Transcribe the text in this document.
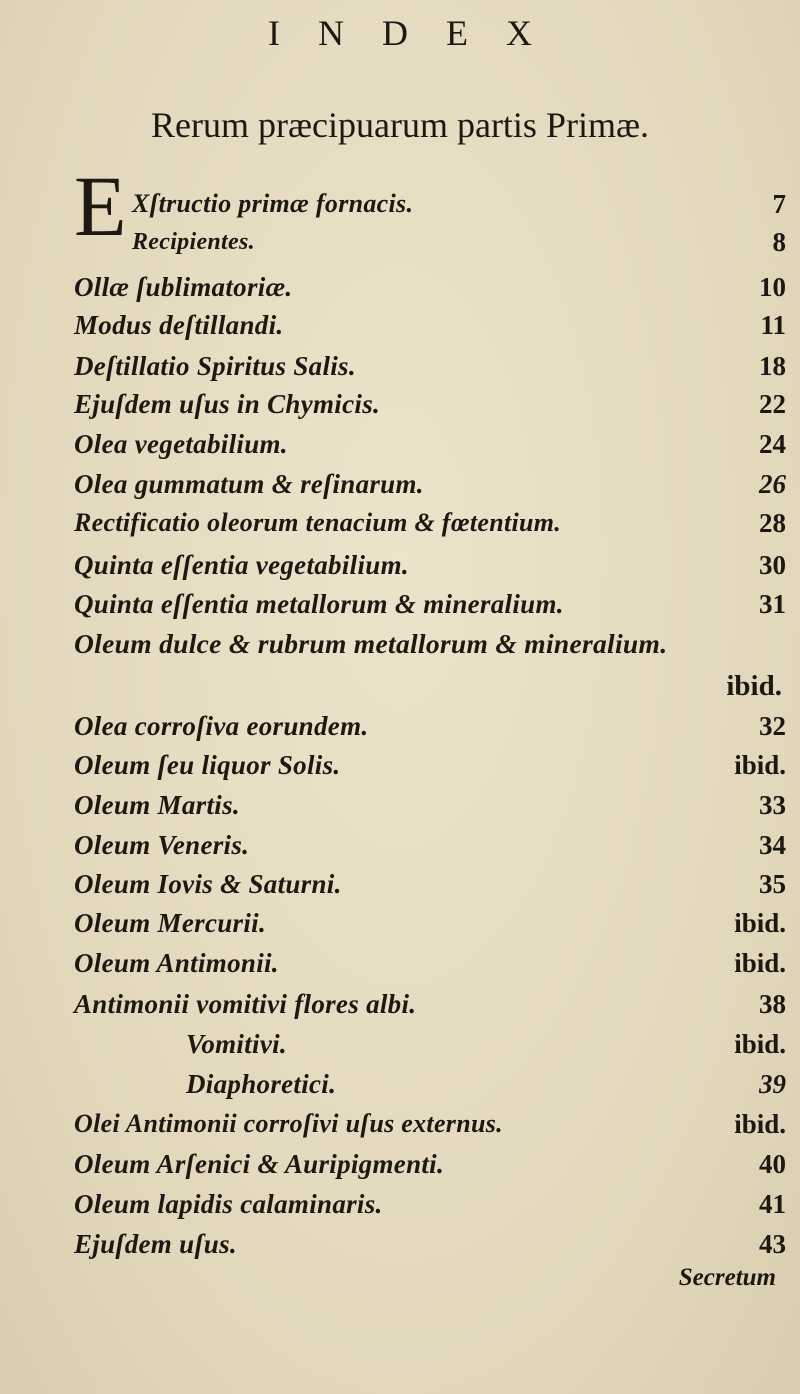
INDEX
Rerum præcipuarum partis Primæ.
E Xſtructio primæ fornacis.	7
Recipientes.	8
Ollæ ſublimatoriæ.	10
Modus deſtillandi.	11
Deſtillatio Spiritus Salis.	18
Ejuſdem uſus in Chymicis.	22
Olea vegetabilium.	24
Olea gummatum & reſinarum.	26
Rectificatio oleorum tenacium & fœtentium.	28
Quinta eſſentia vegetabilium.	30
Quinta eſſentia metallorum & mineralium.	31
Oleum dulce & rubrum metallorum & mineralium.
ibid.
Olea corroſiva eorundem.	32
Oleum ſeu liquor Solis.	ibid.
Oleum Martis.	33
Oleum Veneris.	34
Oleum Iovis & Saturni.	35
Oleum Mercurii.	ibid.
Oleum Antimonii.	ibid.
Antimonii vomitivi flores albi.	38
Vomitivi.	ibid.
Diaphoretici.	39
Olei Antimonii corroſivi uſus externus.	ibid.
Oleum Arſenici & Auripigmenti.	40
Oleum lapidis calaminaris.	41
Ejuſdem uſus.	43
Secretum
